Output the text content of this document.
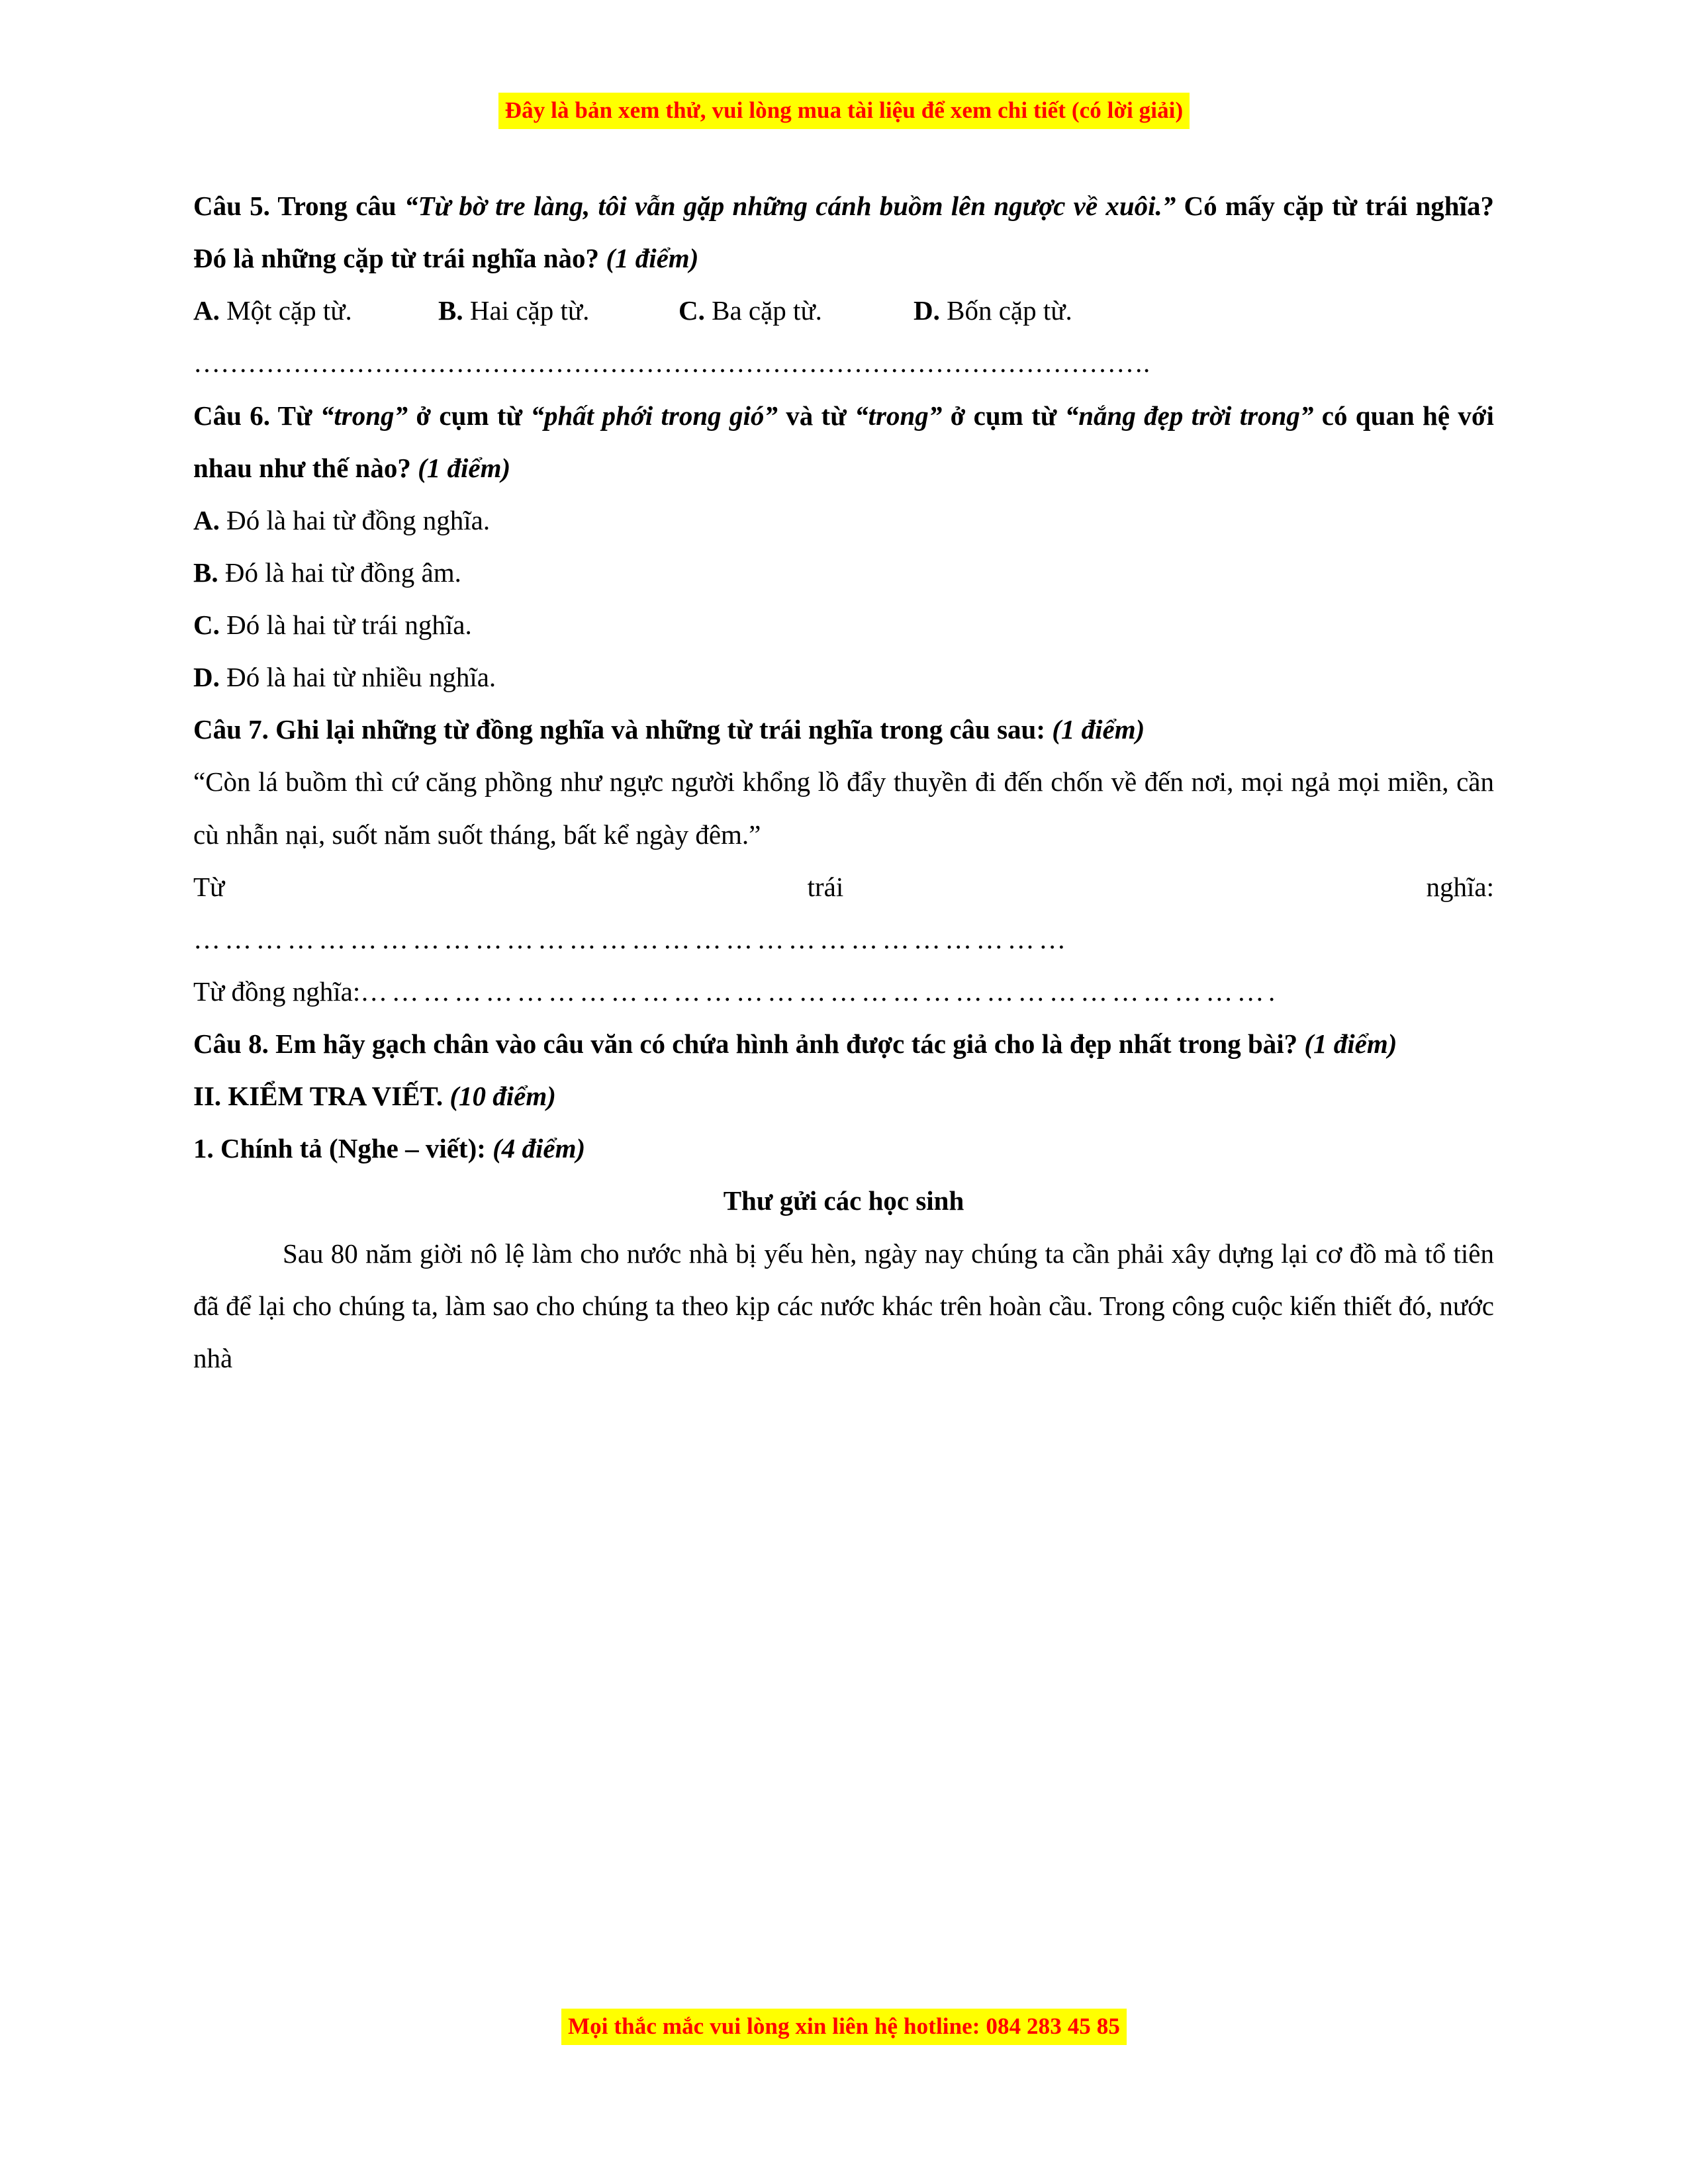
Đây là bản xem thử, vui lòng mua tài liệu để xem chi tiết (có lời giải)

Câu 5. Trong câu “Từ bờ tre làng, tôi vẫn gặp những cánh buồm lên ngược về xuôi.” Có mấy cặp từ trái nghĩa? Đó là những cặp từ trái nghĩa nào? (1 điểm)

A. Một cặp từ.	B. Hai cặp từ.	C. Ba cặp từ.	D. Bốn cặp từ.

…………………………………………………………………………………………….

Câu 6. Từ “trong” ở cụm từ “phất phới trong gió” và từ “trong” ở cụm từ “nắng đẹp trời trong” có quan hệ với nhau như thế nào? (1 điểm)

A. Đó là hai từ đồng nghĩa.

B. Đó là hai từ đồng âm.

C. Đó là hai từ trái nghĩa.

D. Đó là hai từ nhiều nghĩa.

Câu 7. Ghi lại những từ đồng nghĩa và những từ trái nghĩa trong câu sau: (1 điểm)

“Còn lá buồm thì cứ căng phồng như ngực người khổng lồ đẩy thuyền đi đến chốn về đến nơi, mọi ngả mọi miền, cần cù nhẫn nại, suốt năm suốt tháng, bất kể ngày đêm.”

Từ	trái	nghĩa:

…………………………………………………………………………

Từ đồng nghĩa:…………………………………………………………………………….

Câu 8. Em hãy gạch chân vào câu văn có chứa hình ảnh được tác giả cho là đẹp nhất trong bài? (1 điểm)

II. KIỂM TRA VIẾT. (10 điểm)

1. Chính tả (Nghe – viết): (4 điểm)

Thư gửi các học sinh

Sau 80 năm giời nô lệ làm cho nước nhà bị yếu hèn, ngày nay chúng ta cần phải xây dựng lại cơ đồ mà tổ tiên đã để lại cho chúng ta, làm sao cho chúng ta theo kịp các nước khác trên hoàn cầu. Trong công cuộc kiến thiết đó, nước nhà

Mọi thắc mắc vui lòng xin liên hệ hotline: 084 283 45 85
